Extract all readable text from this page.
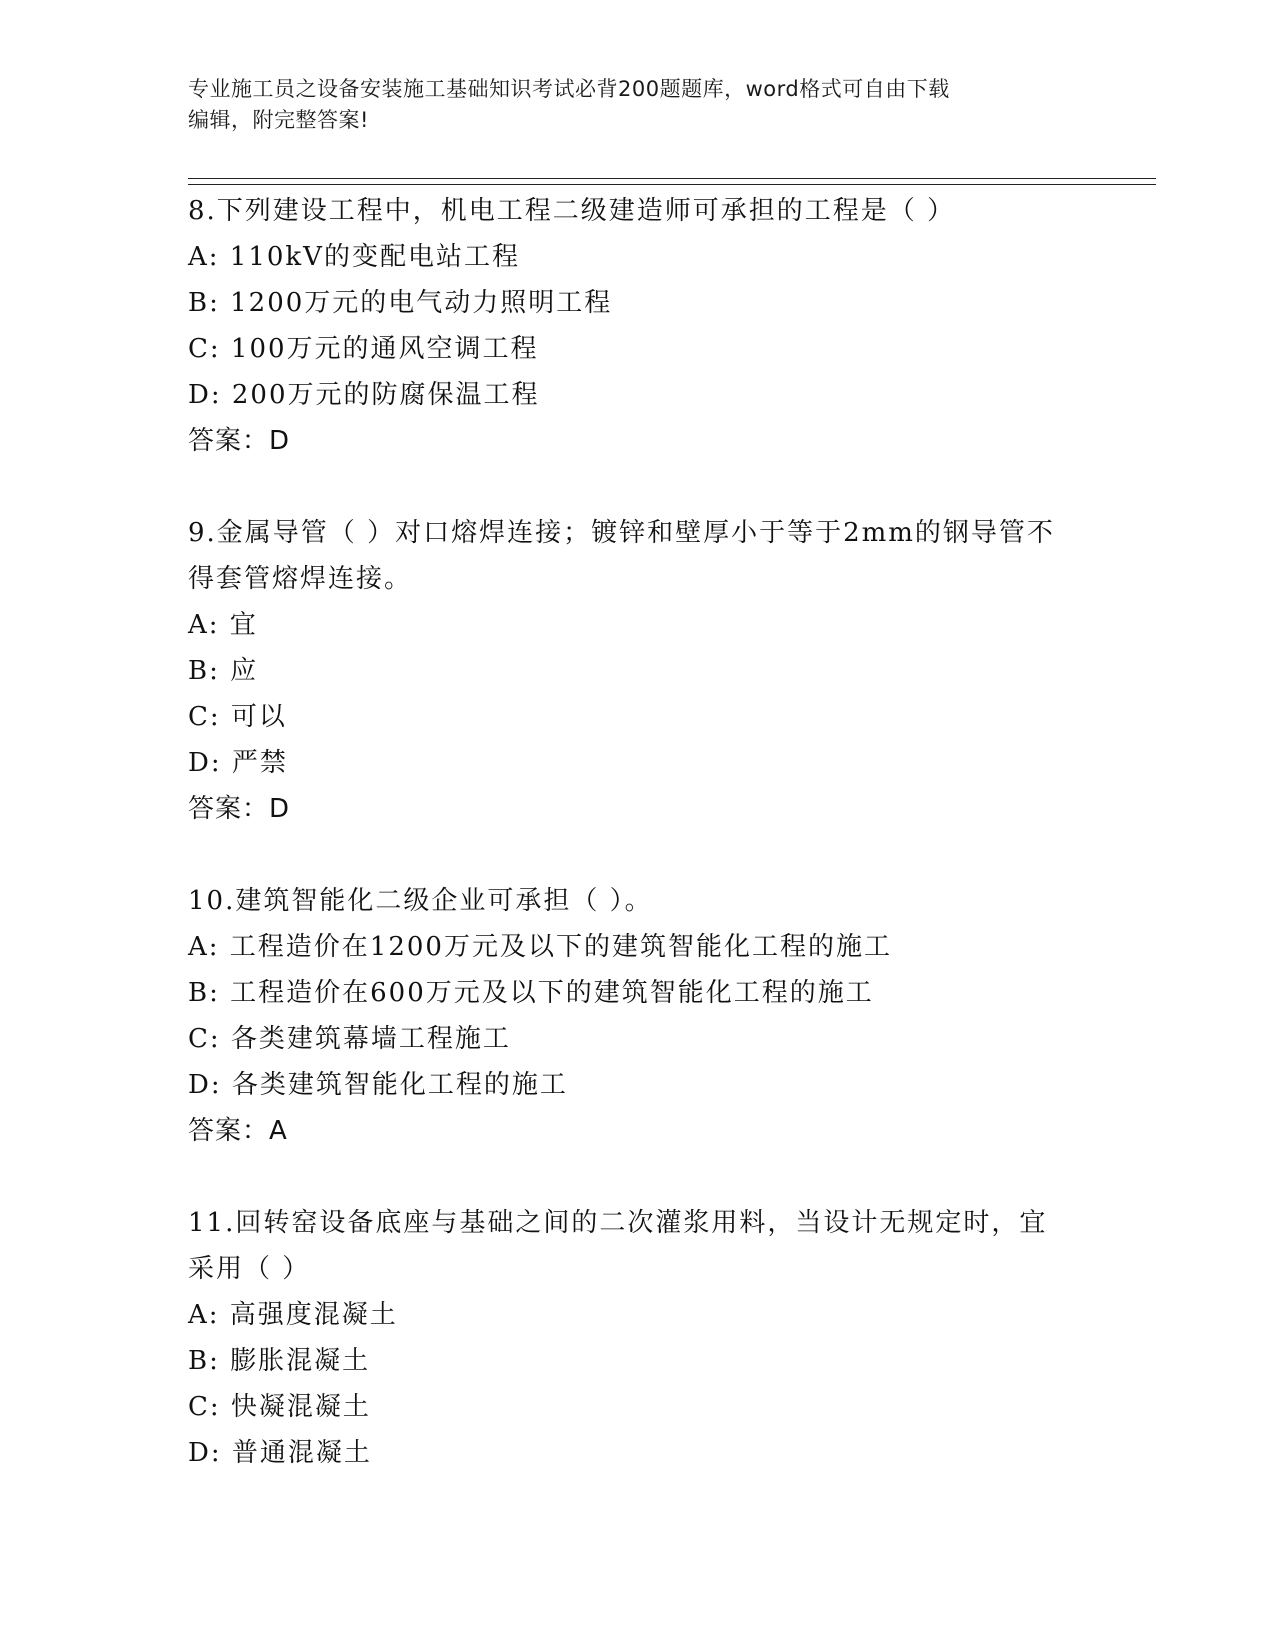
专业施工员之设备安装施工基础知识考试必背200题题库，word格式可自由下载
编辑，附完整答案!
8.下列建设工程中，机电工程二级建造师可承担的工程是（ ）
A: 110kV的变配电站工程
B: 1200万元的电气动力照明工程
C: 100万元的通风空调工程
D: 200万元的防腐保温工程
答案：D
9.金属导管（ ）对口熔焊连接；镀锌和壁厚小于等于2mm的钢导管不
得套管熔焊连接。
A: 宜
B: 应
C: 可以
D: 严禁
答案：D
10.建筑智能化二级企业可承担（ ）。
A: 工程造价在1200万元及以下的建筑智能化工程的施工
B: 工程造价在600万元及以下的建筑智能化工程的施工
C: 各类建筑幕墙工程施工
D: 各类建筑智能化工程的施工
答案：A
11.回转窑设备底座与基础之间的二次灌浆用料，当设计无规定时，宜
采用（ ）
A: 高强度混凝土
B: 膨胀混凝土
C: 快凝混凝土
D: 普通混凝土
